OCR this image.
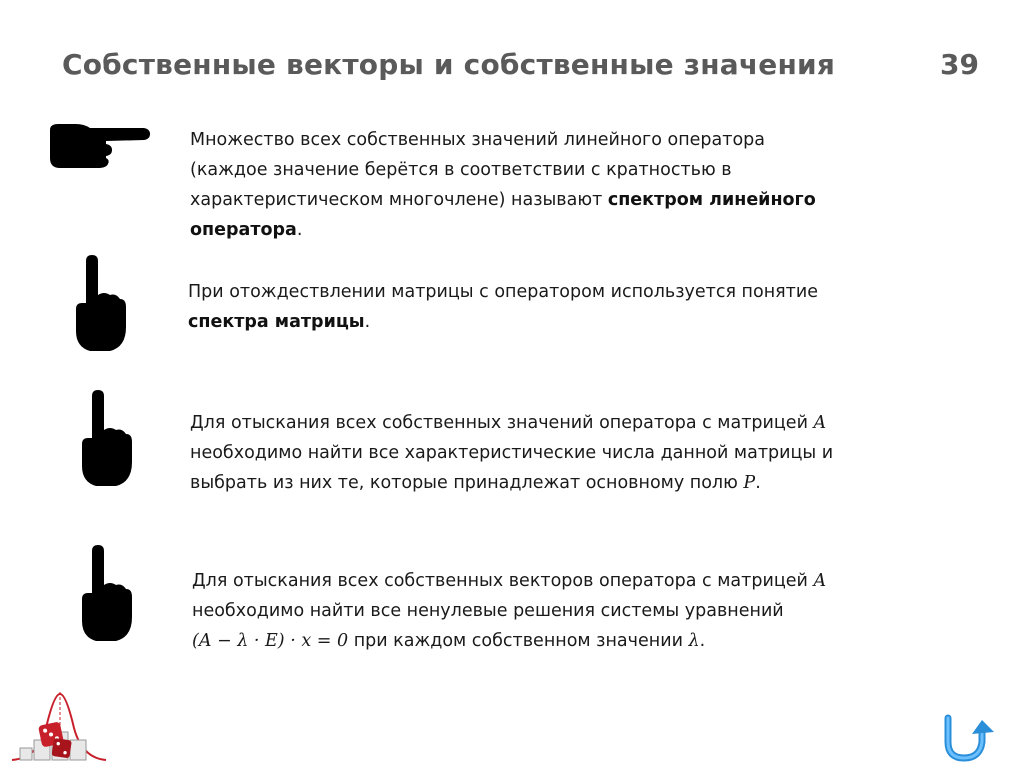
Собственные векторы и собственные значения	39
Множество всех собственных значений линейного оператора
(каждое значение берётся в соответствии с кратностью в
характеристическом многочлене) называют спектром линейного
оператора.
При отождествлении матрицы с оператором используется понятие
спектра матрицы.
Для отыскания всех собственных значений оператора с матрицей A
необходимо найти все характеристические числа данной матрицы и
выбрать из них те, которые принадлежат основному полю P.
Для отыскания всех собственных векторов оператора с матрицей A
необходимо найти все ненулевые решения системы уравнений
(A − λ · E) · x = 0 при каждом собственном значении λ.
